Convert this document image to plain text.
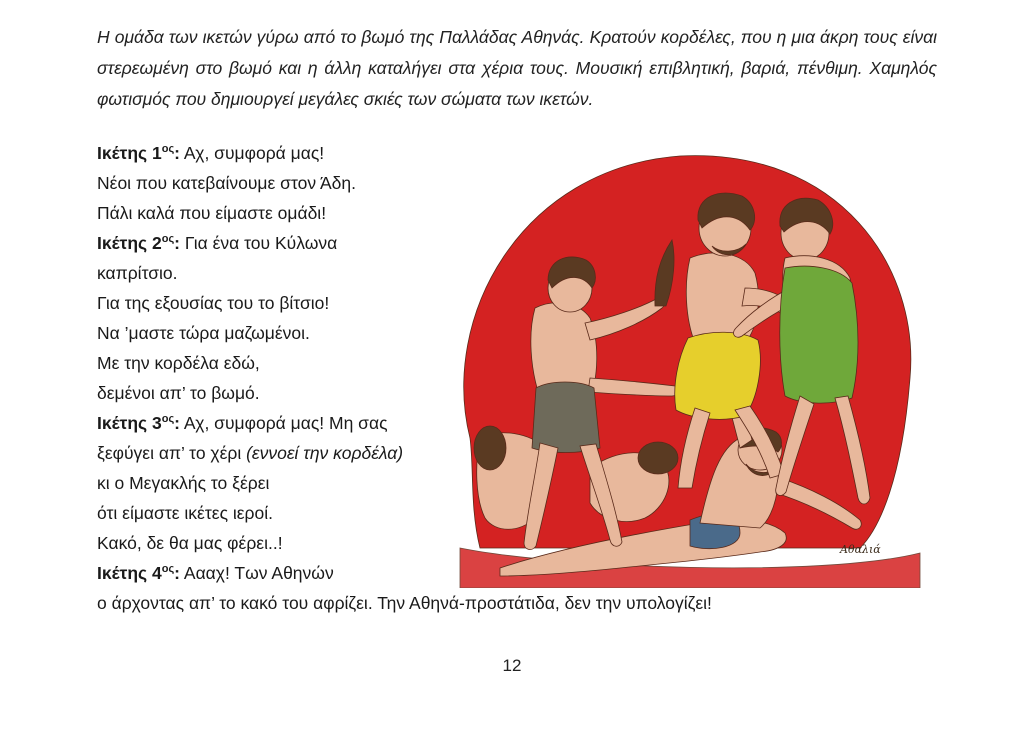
Η ομάδα των ικετών γύρω από το βωμό της Παλλάδας Αθηνάς. Κρατούν κορδέλες, που η μια άκρη τους είναι στερεωμένη στο βωμό και η άλλη καταλήγει στα χέρια τους. Μουσική επιβλητική, βαριά, πένθιμη. Χαμηλός φωτισμός που δημιουργεί μεγάλες σκιές των σώματα των ικετών.
Ικέτης $1^{o\varsigma}$: Αχ, συμφορά μας!
Νέοι που κατεβαίνουμε στον Άδη.
Πάλι καλά που είμαστε ομάδι!
Ικέτης $2^{o\varsigma}$: Για ένα του Κύλωνα
καπρίτσιο.
Για της εξουσίας του το βίτσιο!
Να ’μαστε τώρα μαζωμένοι.
Με την κορδέλα εδώ,
δεμένοι απ’ το βωμό.
Ικέτης $3^{o\varsigma}$: Αχ, συμφορά μας! Μη σας
ξεφύγει απ’ το χέρι (εννοεί την κορδέλα)
κι ο Μεγακλής το ξέρει
ότι είμαστε ικέτες ιεροί.
Κακό, δε θα μας φέρει..!
Ικέτης $4^{o\varsigma}$: Αααχ! Των Αθηνών
ο άρχοντας απ’ το κακό του αφρίζει. Την Αθηνά-προστάτιδα, δεν την υπολογίζει!
Αθαλιά
12
